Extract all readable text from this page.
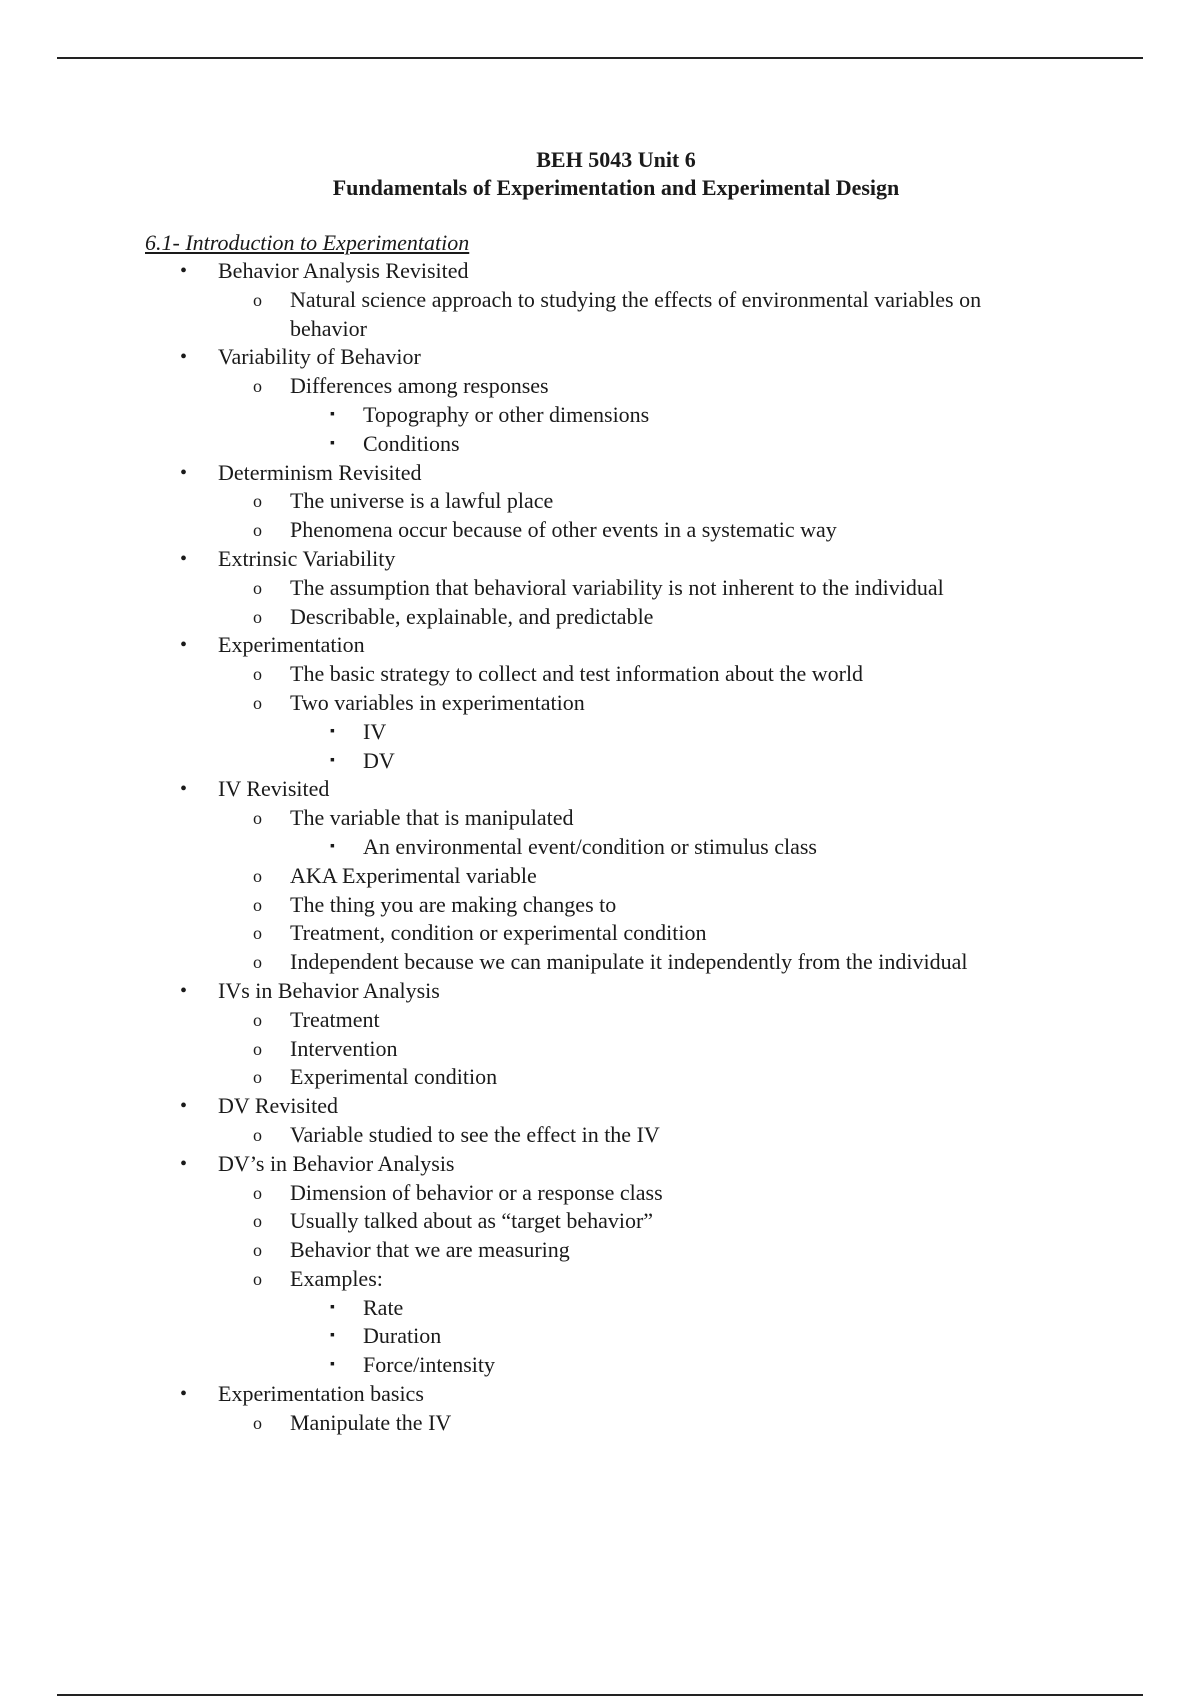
BEH 5043 Unit 6
Fundamentals of Experimentation and Experimental Design
6.1- Introduction to Experimentation
• Behavior Analysis Revisited
o Natural science approach to studying the effects of environmental variables on behavior
• Variability of Behavior
o Differences among responses
▪ Topography or other dimensions
▪ Conditions
• Determinism Revisited
o The universe is a lawful place
o Phenomena occur because of other events in a systematic way
• Extrinsic Variability
o The assumption that behavioral variability is not inherent to the individual
o Describable, explainable, and predictable
• Experimentation
o The basic strategy to collect and test information about the world
o Two variables in experimentation
▪ IV
▪ DV
• IV Revisited
o The variable that is manipulated
▪ An environmental event/condition or stimulus class
o AKA Experimental variable
o The thing you are making changes to
o Treatment, condition or experimental condition
o Independent because we can manipulate it independently from the individual
• IVs in Behavior Analysis
o Treatment
o Intervention
o Experimental condition
• DV Revisited
o Variable studied to see the effect in the IV
• DV’s in Behavior Analysis
o Dimension of behavior or a response class
o Usually talked about as “target behavior”
o Behavior that we are measuring
o Examples:
▪ Rate
▪ Duration
▪ Force/intensity
• Experimentation basics
o Manipulate the IV
